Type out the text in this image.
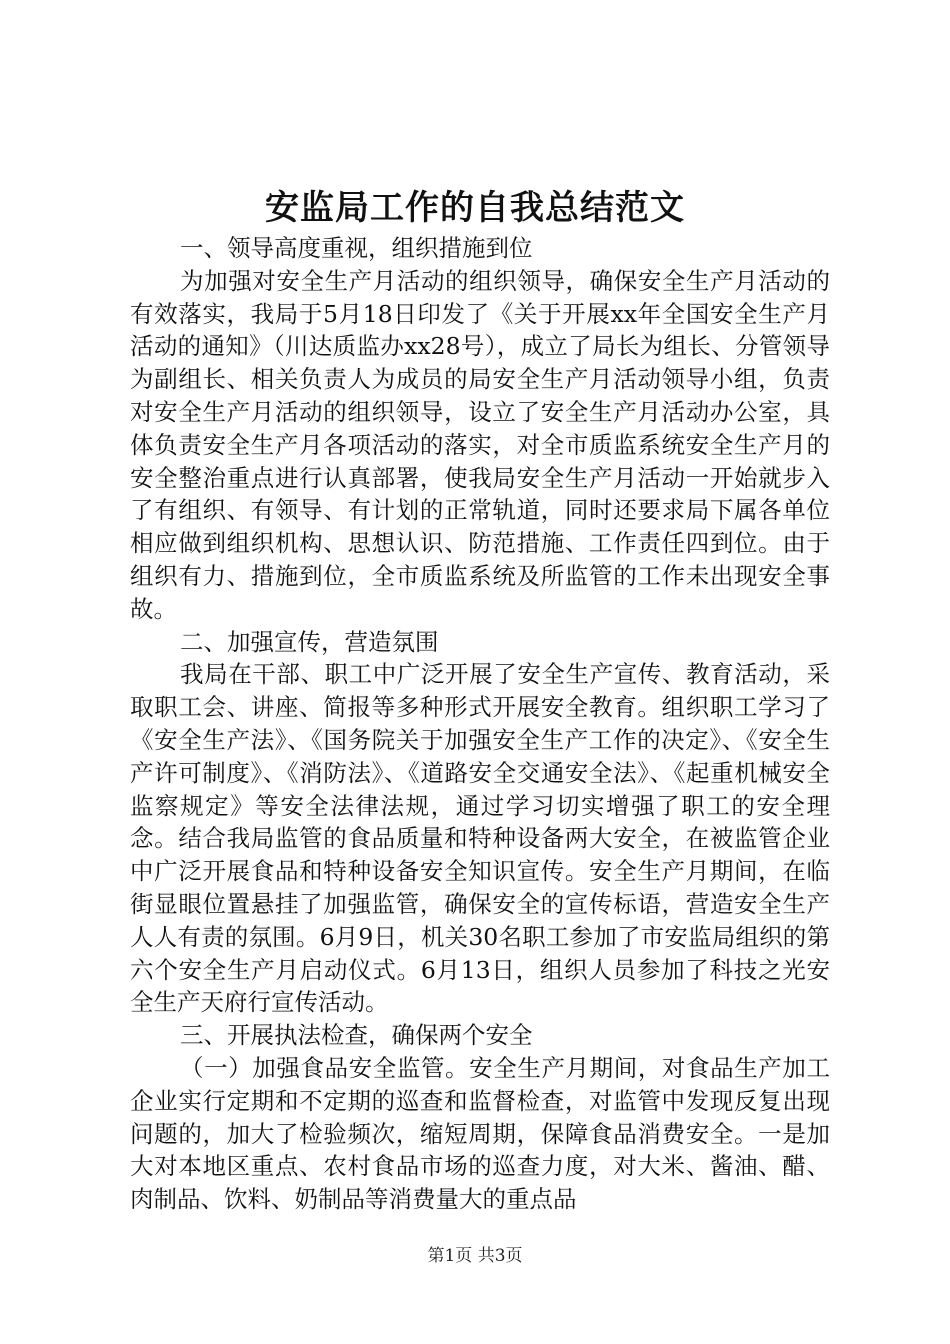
安监局工作的自我总结范文

一、领导高度重视，组织措施到位

为加强对安全生产月活动的组织领导，确保安全生产月活动的有效落实，我局于5月18日印发了《关于开展xx年全国安全生产月活动的通知》（川达质监办xx28号），成立了局长为组长、分管领导为副组长、相关负责人为成员的局安全生产月活动领导小组，负责对安全生产月活动的组织领导，设立了安全生产月活动办公室，具体负责安全生产月各项活动的落实，对全市质监系统安全生产月的安全整治重点进行认真部署，使我局安全生产月活动一开始就步入了有组织、有领导、有计划的正常轨道，同时还要求局下属各单位相应做到组织机构、思想认识、防范措施、工作责任四到位。由于组织有力、措施到位，全市质监系统及所监管的工作未出现安全事故。

二、加强宣传，营造氛围

我局在干部、职工中广泛开展了安全生产宣传、教育活动，采取职工会、讲座、简报等多种形式开展安全教育。组织职工学习了《安全生产法》、《国务院关于加强安全生产工作的决定》、《安全生产许可制度》、《消防法》、《道路安全交通安全法》、《起重机械安全监察规定》等安全法律法规，通过学习切实增强了职工的安全理念。结合我局监管的食品质量和特种设备两大安全，在被监管企业中广泛开展食品和特种设备安全知识宣传。安全生产月期间，在临街显眼位置悬挂了加强监管，确保安全的宣传标语，营造安全生产人人有责的氛围。6月9日，机关30名职工参加了市安监局组织的第六个安全生产月启动仪式。6月13日，组织人员参加了科技之光安全生产天府行宣传活动。

三、开展执法检查，确保两个安全

（一）加强食品安全监管。安全生产月期间，对食品生产加工企业实行定期和不定期的巡查和监督检查，对监管中发现反复出现问题的，加大了检验频次，缩短周期，保障食品消费安全。一是加大对本地区重点、农村食品市场的巡查力度，对大米、酱油、醋、肉制品、饮料、奶制品等消费量大的重点品

第1页 共3页
